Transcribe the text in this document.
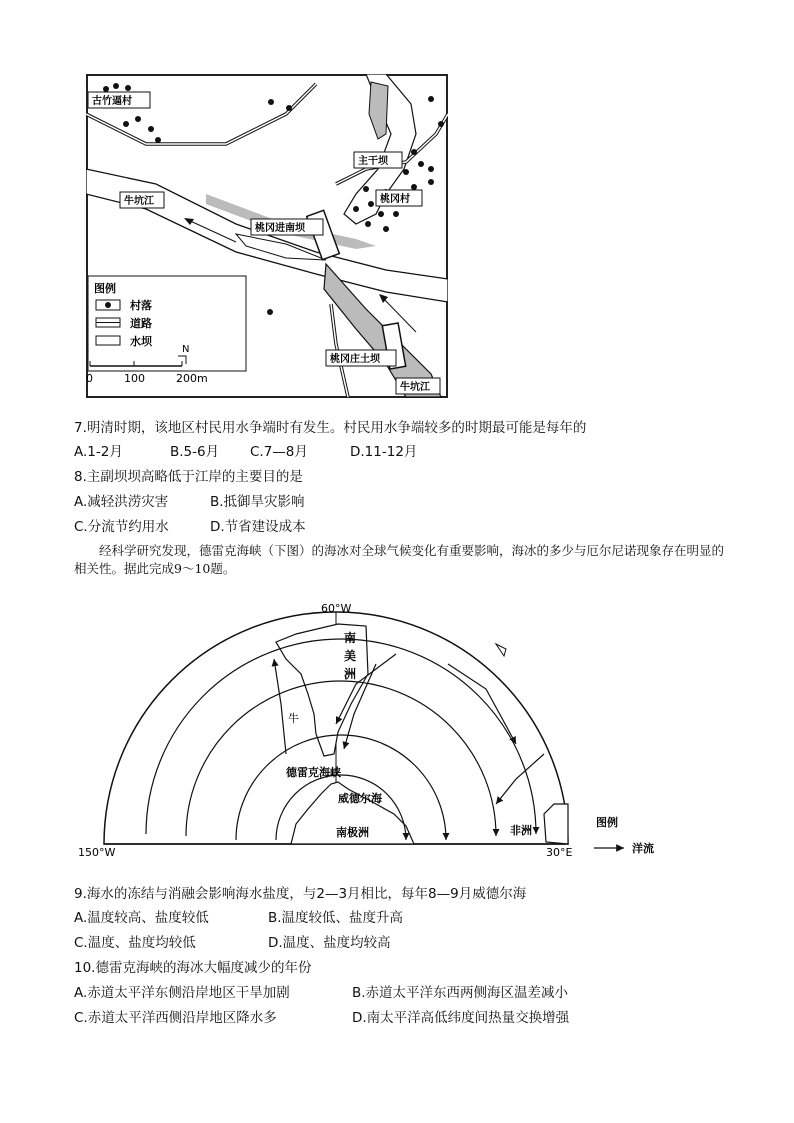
古竹逼村
主干坝
桃冈村
桃冈进南坝
桃冈庄土坝
牛坑江
牛坑江
图例
村落
道路
水坝
0	100	200m
N
7.明清时期，该地区村民用水争端时有发生。村民用水争端较多的时期最可能是每年的
A.1-2月	B.5-6月 C.7—8月	D.11-12月
8.主副坝坝高略低于江岸的主要目的是
A.减轻洪涝灾害	B.抵御旱灾影响
C.分流节约用水	D.节省建设成本
经科学研究发现，德雷克海峡（下图）的海冰对全球气候变化有重要影响，海冰的多少与厄尔尼诺现象存在明显的相关性。据此完成9～10题。
60°W
150°W	30°E
牛
南
美
洲
德雷克海峡
威德尔海
南极洲	非洲
图例
洋流
9.海水的冻结与消融会影响海水盐度，与2—3月相比，每年8—9月威德尔海
A.温度较高、盐度较低	B.温度较低、盐度升高
C.温度、盐度均较低	D.温度、盐度均较高
10.德雷克海峡的海冰大幅度减少的年份
A.赤道太平洋东侧沿岸地区干旱加剧	B.赤道太平洋东西两侧海区温差减小
C.赤道太平洋西侧沿岸地区降水多	D.南太平洋高低纬度间热量交换增强
